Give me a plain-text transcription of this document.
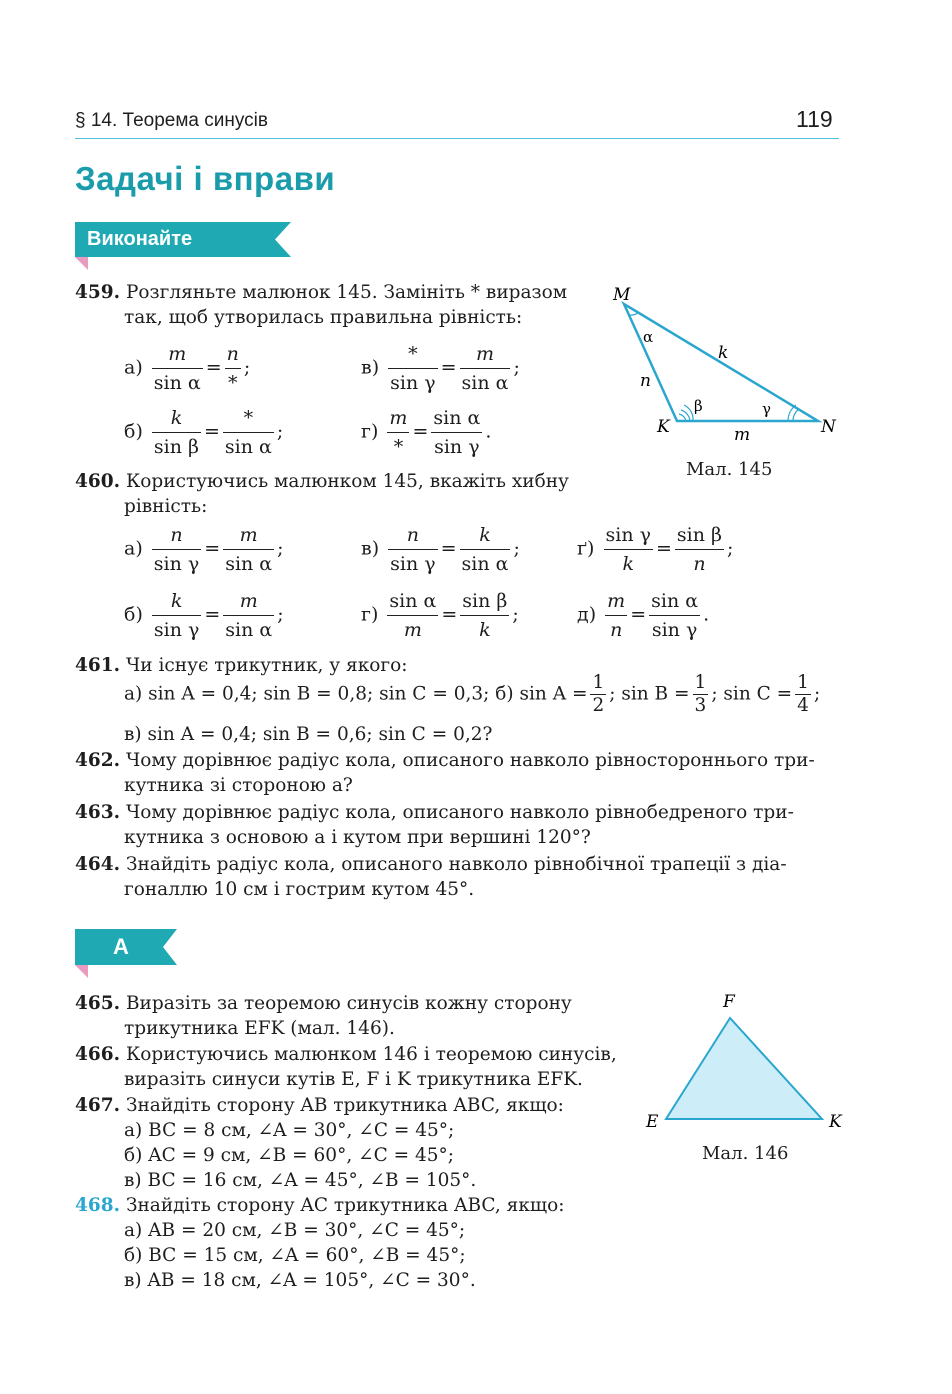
§ 14. Теорема синусів	119
Задачі і вправи
Виконайте усно
459. Розгляньте малюнок 145. Замініть * виразом
так, щоб утворилась правильна рівність:
$а) \frac{m}{\text{sin α}} = \frac{n}{*}$ ;	$в) \frac{*}{\text{sin γ}} = \frac{m}{\text{sin α}}$ ;
$б) \frac{k}{\text{sin β}} = \frac{*}{\text{sin α}}$ ;	$г) \frac{m}{*} = \frac{\text{sin α}}{\text{sin γ}}$ .
M
α
k
n
β	γ
K	m	N
Мал. 145
460. Користуючись малюнком 145, вкажіть хибну
рівність:
$а) \frac{n}{\text{sin γ}} = \frac{m}{\text{sin α}}$ ;	$в) \frac{n}{\text{sin γ}} = \frac{k}{\text{sin α}}$ ;	$ґ) \frac{\text{sin γ}}{k} = \frac{\text{sin β}}{n}$ ;
$б) \frac{k}{\text{sin γ}} = \frac{m}{\text{sin α}}$ ;	$г) \frac{\text{sin α}}{m} = \frac{\text{sin β}}{k}$ ;	$д) \frac{m}{n} = \frac{\text{sin α}}{\text{sin γ}}$ .
461. Чи існує трикутник, у якого:
а) sin A = 0,4; sin B = 0,8; sin C = 0,3; б) $\sin A = \frac{1}{2}$ ; $\sin B = \frac{1}{3}$ ; $\sin C = \frac{1}{4}$ ;
в) sin A = 0,4; sin B = 0,6; sin C = 0,2?
462. Чому дорівнює радіус кола, описаного навколо рівностороннього три-
кутника зі стороною a?
463. Чому дорівнює радіус кола, описаного навколо рівнобедреного три-
кутника з основою a і кутом при вершині 120°?
464. Знайдіть радіус кола, описаного навколо рівнобічної трапеції з діа-
гоналлю 10 см і гострим кутом 45°.
А
465. Виразіть за теоремою синусів кожну сторону
трикутника EFK (мал. 146).
466. Користуючись малюнком 146 і теоремою синусів,
виразіть синуси кутів E, F і K трикутника EFK.
467. Знайдіть сторону AB трикутника ABC, якщо:
а) BC = 8 см, ∠A = 30°, ∠C = 45°;
б) AC = 9 см, ∠B = 60°, ∠C = 45°;
в) BC = 16 см, ∠A = 45°, ∠B = 105°.
468. Знайдіть сторону AC трикутника ABC, якщо:
а) AB = 20 см, ∠B = 30°, ∠C = 45°;
б) BC = 15 см, ∠A = 60°, ∠B = 45°;
в) AB = 18 см, ∠A = 105°, ∠C = 30°.
F
E	K
Мал. 146
